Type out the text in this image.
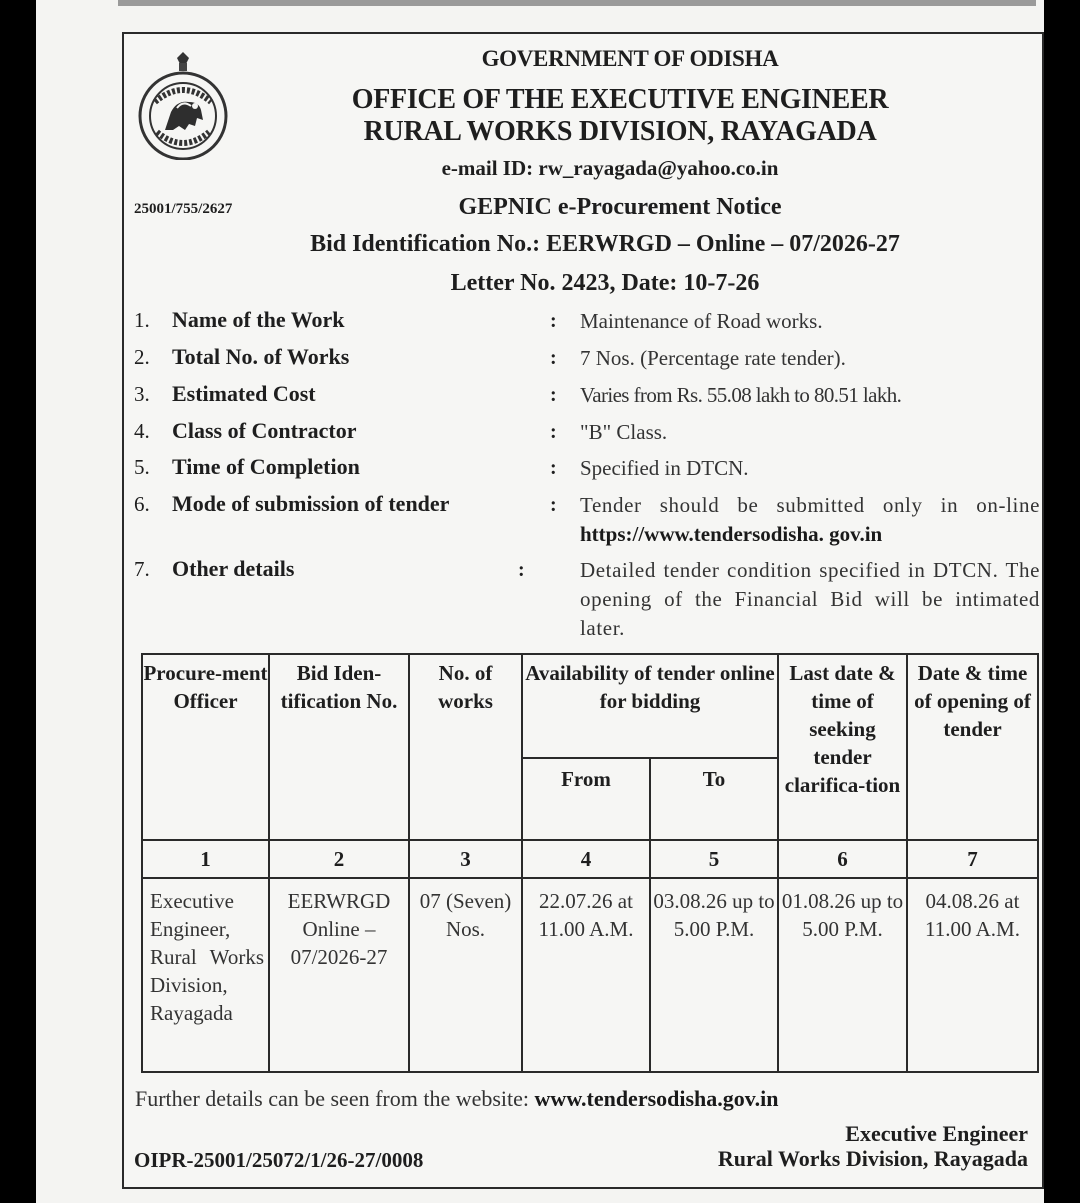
GOVERNMENT OF ODISHA
OFFICE OF THE EXECUTIVE ENGINEER
RURAL WORKS DIVISION, RAYAGADA
e-mail ID: rw_rayagada@yahoo.co.in
25001/755/2627	GEPNIC e-Procurement Notice
Bid Identification No.: EERWRGD – Online – 07/2026-27
Letter No. 2423, Date: 10-7-26
1. Name of the Work	: Maintenance of Road works.
2. Total No. of Works	: 7 Nos. (Percentage rate tender).
3. Estimated Cost	: Varies from Rs. 55.08 lakh to 80.51 lakh.
4. Class of Contractor	: "B" Class.
5. Time of Completion	: Specified in DTCN.
6. Mode of submission of tender	: Tender should be submitted only in on-line https://www.tendersodisha. gov.in
7. Other details	:	Detailed tender condition specified in DTCN. The opening of the Financial Bid will be intimated later.
Procure-ment Officer	Bid Iden-tification No.	No. of works	Availability of tender online for bidding		Last date & time of seeking tender clarifica-tion	Date & time of opening of tender
			From	To		
1	2	3	4	5	6	7
Executive Engineer, Rural Works Division, Rayagada	EERWRGD Online – 07/2026-27	07 (Seven) Nos.	22.07.26 at 11.00 A.M.	03.08.26 up to 5.00 P.M.	01.08.26 up to 5.00 P.M.	04.08.26 at 11.00 A.M.
Further details can be seen from the website: www.tendersodisha.gov.in
Executive Engineer
Rural Works Division, Rayagada
OIPR-25001/25072/1/26-27/0008
